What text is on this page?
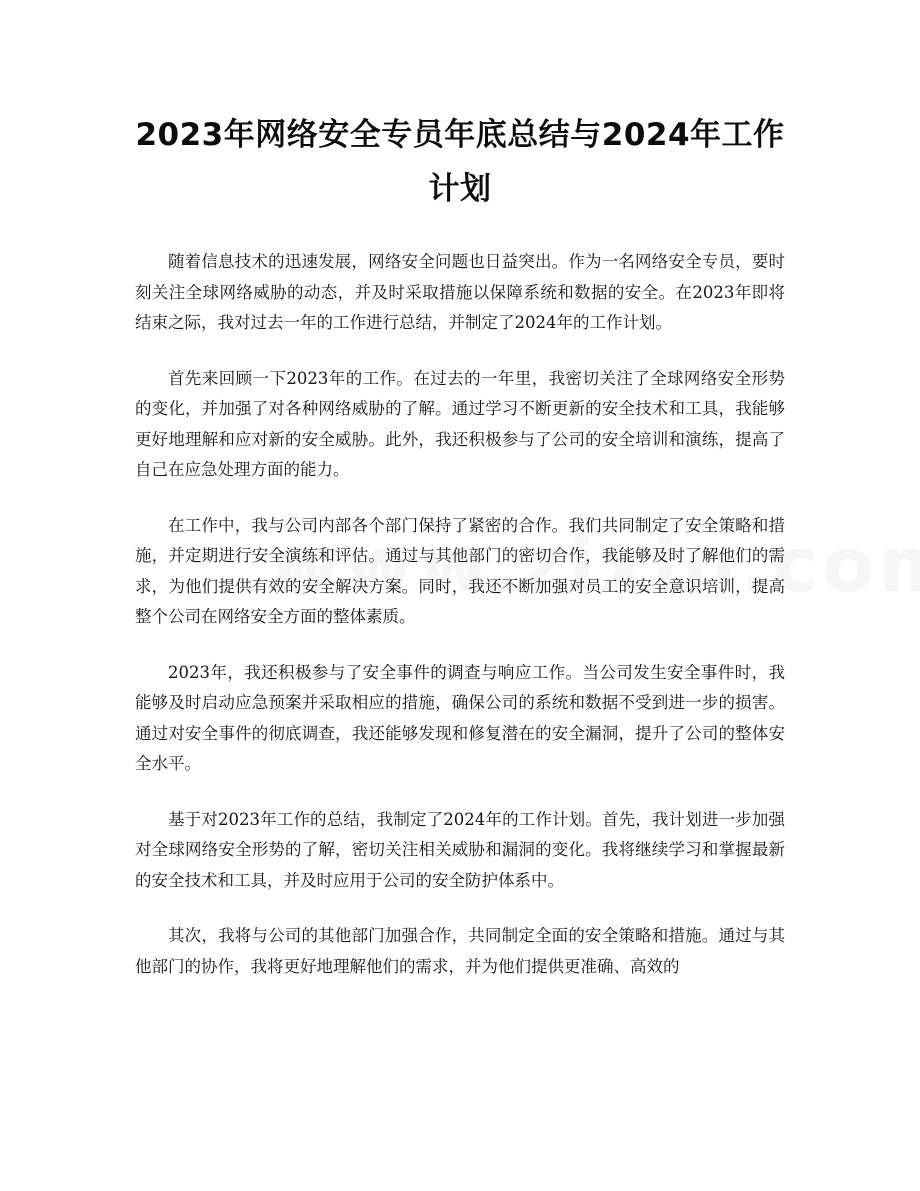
2023年网络安全专员年底总结与2024年工作计划

随着信息技术的迅速发展，网络安全问题也日益突出。作为一名网络安全专员，要时刻关注全球网络威胁的动态，并及时采取措施以保障系统和数据的安全。在2023年即将结束之际，我对过去一年的工作进行总结，并制定了2024年的工作计划。

首先来回顾一下2023年的工作。在过去的一年里，我密切关注了全球网络安全形势的变化，并加强了对各种网络威胁的了解。通过学习不断更新的安全技术和工具，我能够更好地理解和应对新的安全威胁。此外，我还积极参与了公司的安全培训和演练，提高了自己在应急处理方面的能力。

在工作中，我与公司内部各个部门保持了紧密的合作。我们共同制定了安全策略和措施，并定期进行安全演练和评估。通过与其他部门的密切合作，我能够及时了解他们的需求，为他们提供有效的安全解决方案。同时，我还不断加强对员工的安全意识培训，提高整个公司在网络安全方面的整体素质。

2023年，我还积极参与了安全事件的调查与响应工作。当公司发生安全事件时，我能够及时启动应急预案并采取相应的措施，确保公司的系统和数据不受到进一步的损害。通过对安全事件的彻底调查，我还能够发现和修复潜在的安全漏洞，提升了公司的整体安全水平。

基于对2023年工作的总结，我制定了2024年的工作计划。首先，我计划进一步加强对全球网络安全形势的了解，密切关注相关威胁和漏洞的变化。我将继续学习和掌握最新的安全技术和工具，并及时应用于公司的安全防护体系中。

其次，我将与公司的其他部门加强合作，共同制定全面的安全策略和措施。通过与其他部门的协作，我将更好地理解他们的需求，并为他们提供更准确、高效的
